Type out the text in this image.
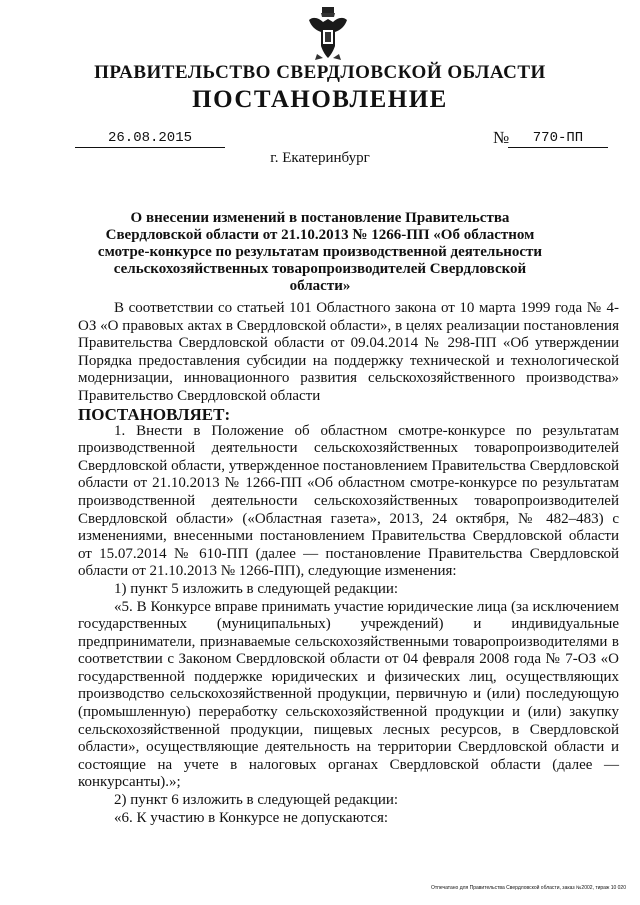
ПРАВИТЕЛЬСТВО СВЕРДЛОВСКОЙ ОБЛАСТИ
ПОСТАНОВЛЕНИЕ
26.08.2015	№	770-ПП
г. Екатеринбург
О внесении изменений в постановление Правительства Свердловской области от 21.10.2013 № 1266-ПП «Об областном смотре-конкурсе по результатам производственной деятельности сельскохозяйственных товаропроизводителей Свердловской области»

В соответствии со статьей 101 Областного закона от 10 марта 1999 года № 4-ОЗ «О правовых актах в Свердловской области», в целях реализации постановления Правительства Свердловской области от 09.04.2014 № 298-ПП «Об утверждении Порядка предоставления субсидии на поддержку технической и технологической модернизации, инновационного развития сельскохозяйственного производства» Правительство Свердловской области

ПОСТАНОВЛЯЕТ:

1. Внести в Положение об областном смотре-конкурсе по результатам производственной деятельности сельскохозяйственных товаропроизводителей Свердловской области, утвержденное постановлением Правительства Свердловской области от 21.10.2013 № 1266-ПП «Об областном смотре-конкурсе по результатам производственной деятельности сельскохозяйственных товаропроизводителей Свердловской области» («Областная газета», 2013, 24 октября, № 482–483) с изменениями, внесенными постановлением Правительства Свердловской области от 15.07.2014 № 610-ПП (далее — постановление Правительства Свердловской области от 21.10.2013 № 1266-ПП), следующие изменения:

1) пункт 5 изложить в следующей редакции:

«5. В Конкурсе вправе принимать участие юридические лица (за исключением государственных (муниципальных) учреждений) и индивидуальные предприниматели, признаваемые сельскохозяйственными товаропроизводителями в соответствии с Законом Свердловской области от 04 февраля 2008 года № 7-ОЗ «О государственной поддержке юридических и физических лиц, осуществляющих производство сельскохозяйственной продукции, первичную и (или) последующую (промышленную) переработку сельскохозяйственной продукции и (или) закупку сельскохозяйственной продукции, пищевых лесных ресурсов, в Свердловской области», осуществляющие деятельность на территории Свердловской области и состоящие на учете в налоговых органах Свердловской области (далее — конкурсанты).»;

2) пункт 6 изложить в следующей редакции:

«6. К участию в Конкурсе не допускаются:

Отпечатано для Правительства Свердловской области, заказ №2002, тираж 10 020
